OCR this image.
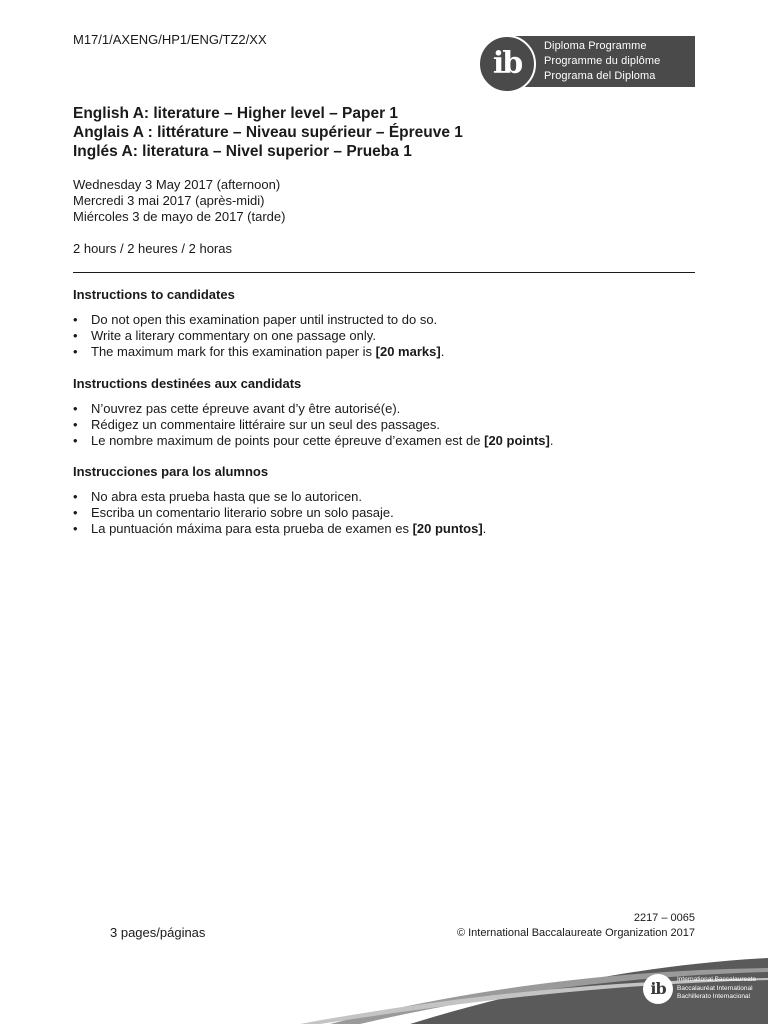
M17/1/AXENG/HP1/ENG/TZ2/XX	Diploma Programme
Programme du diplôme
Programa del Diploma
ib
English A: literature – Higher level – Paper 1
Anglais A : littérature – Niveau supérieur – Épreuve 1
Inglés A: literatura – Nivel superior – Prueba 1
Wednesday 3 May 2017 (afternoon)
Mercredi 3 mai 2017 (après-midi)
Miércoles 3 de mayo de 2017 (tarde)
2 hours / 2 heures / 2 horas
Instructions to candidates
• Do not open this examination paper until instructed to do so.
• Write a literary commentary on one passage only.
• The maximum mark for this examination paper is [20 marks].
Instructions destinées aux candidats
• N’ouvrez pas cette épreuve avant d’y être autorisé(e).
• Rédigez un commentaire littéraire sur un seul des passages.
• Le nombre maximum de points pour cette épreuve d’examen est de [20 points].
Instrucciones para los alumnos
• No abra esta prueba hasta que se lo autoricen.
• Escriba un comentario literario sobre un solo pasaje.
• La puntuación máxima para esta prueba de examen es [20 puntos].
3 pages/páginas
2217 – 0065
© International Baccalaureate Organization 2017
ib	International Baccalaureate
Baccalauréat International
Bachillerato Internacional
